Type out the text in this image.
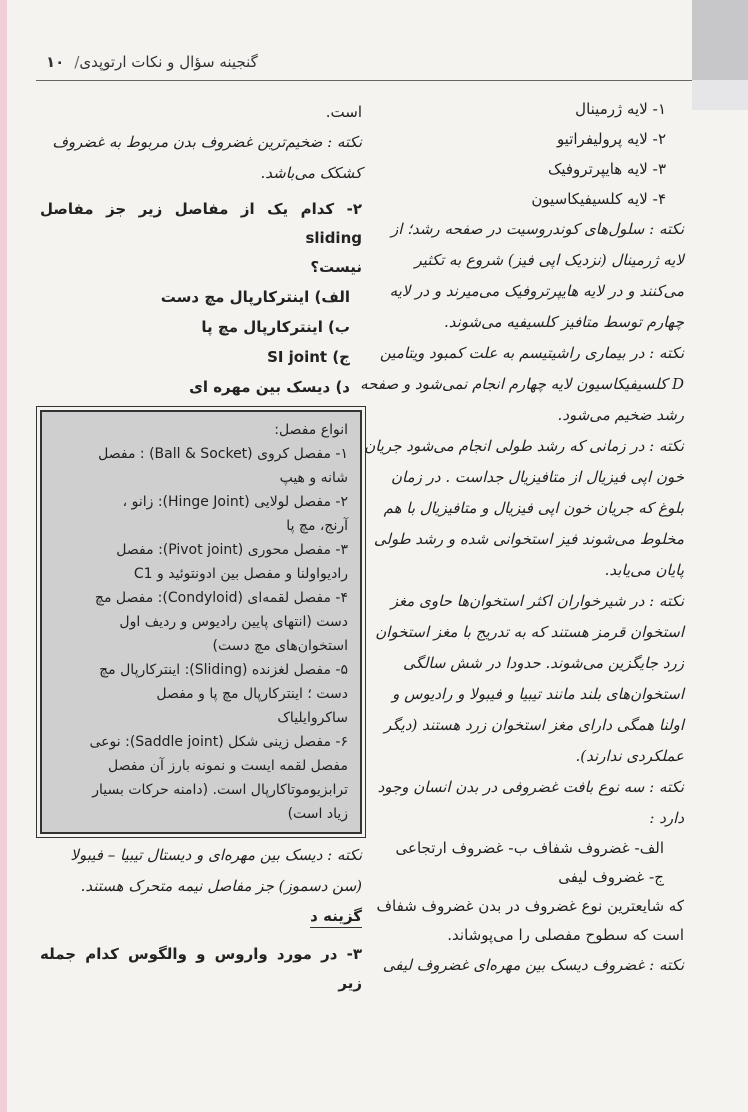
۱۰ / گنجینه سؤال و نکات ارتوپدی
۱- لایه ژرمینال
۲- لایه پرولیفراتیو
۳- لایه هایپرتروفیک
۴- لایه کلسیفیکاسیون
نکته : سلول‌های کوندروسیت در صفحه رشد؛ از
لایه ژرمینال (نزدیک اپی فیز) شروع به تکثیر
می‌کنند و در لایه هایپرتروفیک می‌میرند و در لایه
چهارم توسط متافیز کلسیفیه می‌شوند.
نکته : در بیماری راشیتیسم به علت کمبود ویتامین
D کلسیفیکاسیون لایه چهارم انجام نمی‌شود و صفحه
رشد ضخیم می‌شود.
نکته : در زمانی که رشد طولی انجام می‌شود جریان
خون اپی فیزیال از متافیزیال جداست . در زمان
بلوغ که جریان خون اپی فیزیال و متافیزیال با هم
مخلوط می‌شوند فیز استخوانی شده و رشد طولی
پایان می‌یابد.
نکته : در شیرخواران اکثر استخوان‌ها حاوی مغز
استخوان قرمز هستند که به تدریج با مغز استخوان
زرد جایگزین می‌شوند. حدودا در شش سالگی
استخوان‌های بلند مانند تیبیا و فیبولا و رادیوس و
اولنا همگی دارای مغز استخوان زرد هستند (دیگر
عملکردی ندارند).
نکته : سه نوع بافت غضروفی در بدن انسان وجود
دارد :
الف- غضروف شفاف ب- غضروف ارتجاعی
ج- غضروف لیفی
که شایعترین نوع غضروف در بدن غضروف شفاف
است که سطوح مفصلی را می‌پوشاند.
نکته : غضروف دیسک بین مهره‌ای غضروف لیفی
است.
نکته : ضخیم‌ترین غضروف بدن مربوط به غضروف
کشکک می‌باشد.
۲- کدام یک از مفاصل زیر جز مفاصل sliding
نیست؟
الف) اینترکارپال مچ دست
ب) اینترکارپال مچ پا
ج) SI joint
د) دیسک بین مهره ای
انواع مفصل:
۱- مفصل کروی (Ball & Socket) : مفصل
شانه و هیپ
۲- مفصل لولایی (Hinge Joint): زانو ،
آرنج، مچ پا
۳- مفصل محوری (Pivot joint): مفصل
رادیواولنا و مفصل بین ادونتوئید و C1
۴- مفصل لقمه‌ای (Condyloid): مفصل مچ
دست (انتهای پایین رادیوس و ردیف اول
استخوان‌های مچ دست)
۵- مفصل لغزنده (Sliding): اینترکارپال مچ
دست ؛ اینترکارپال مچ پا و مفصل
ساکروایلیاک
۶- مفصل زینی شکل (Saddle joint): نوعی
مفصل لقمه ایست و نمونه بارز آن مفصل
ترابزیوموتاکارپال است. (دامنه حرکات بسیار
زیاد است)
نکته : دیسک بین مهره‌ای و دیستال تیبیا – فیبولا
(سن دسموز) جز مفاصل نیمه متحرک هستند.
گزینه د
۳- در مورد واروس و والگوس کدام جمله زیر
